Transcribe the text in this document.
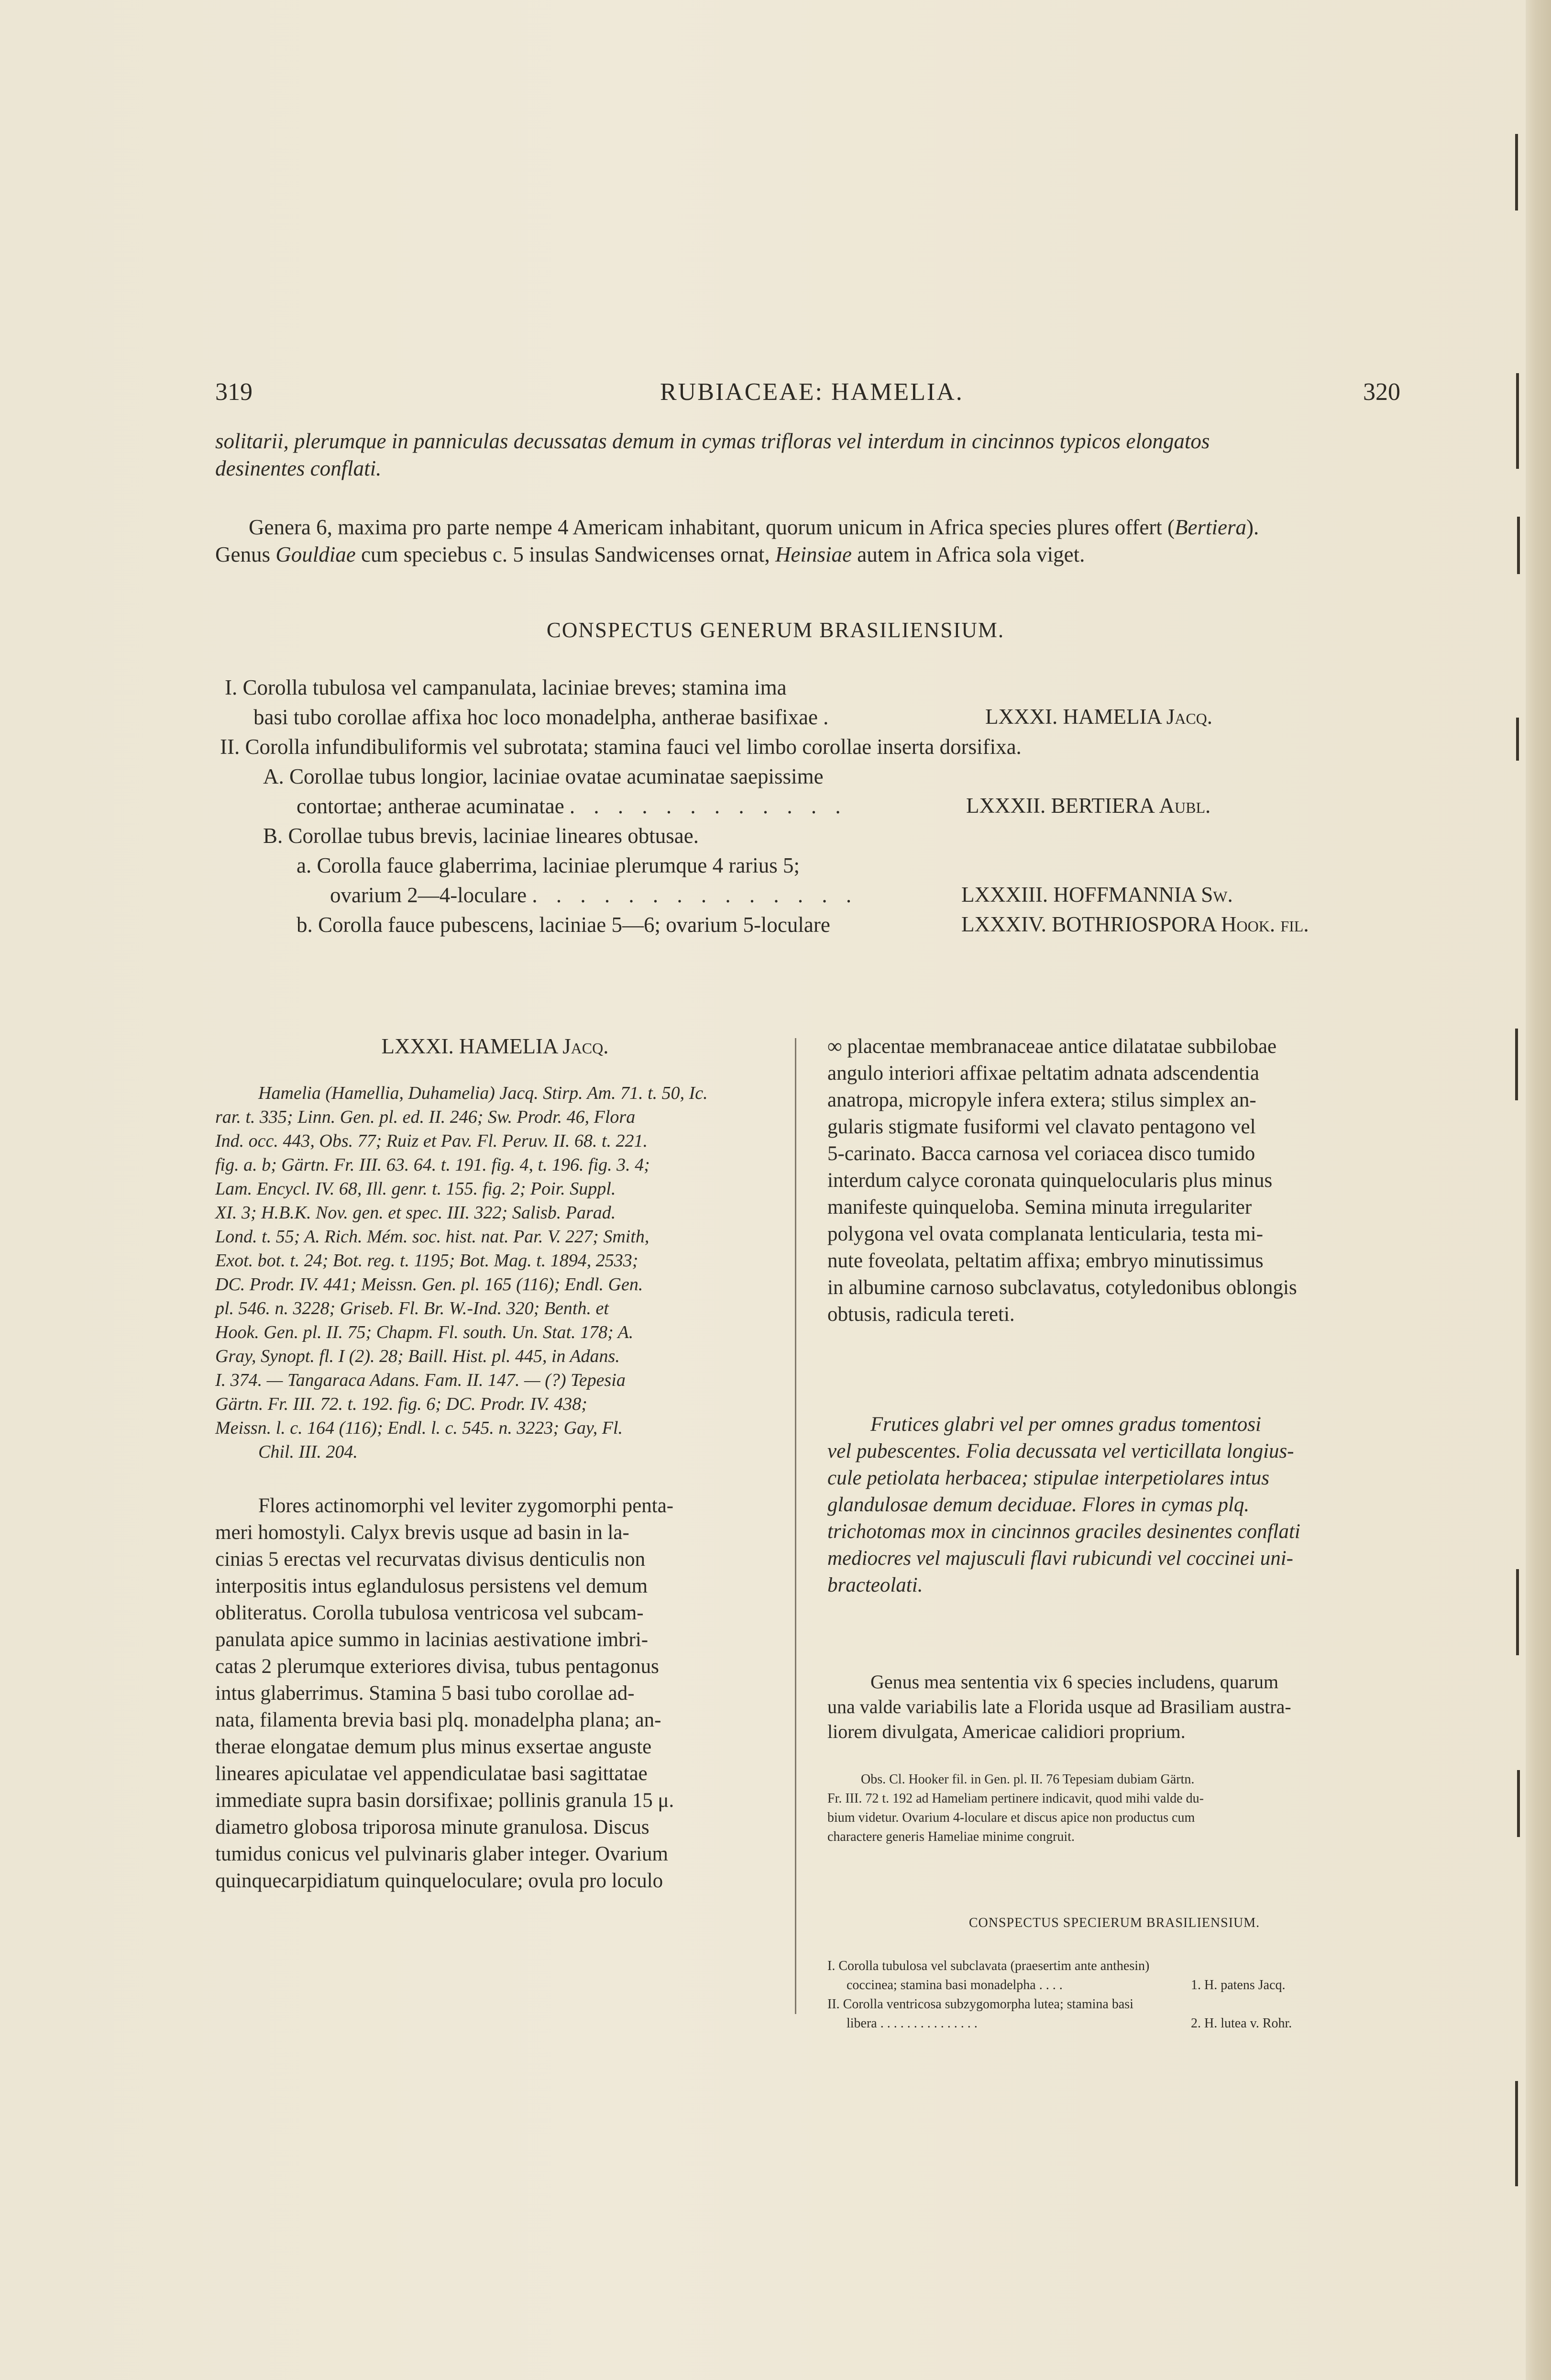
319	RUBIACEAE: HAMELIA.	320
solitarii, plerumque in panniculas decussatas demum in cymas trifloras vel interdum in cincinnos typicos elongatos
desinentes conflati.
Genera 6, maxima pro parte nempe 4 Americam inhabitant, quorum unicum in Africa species plures offert (Bertiera).
Genus Gouldiae cum speciebus c. 5 insulas Sandwicenses ornat, Heinsiae autem in Africa sola viget.
CONSPECTUS GENERUM BRASILIENSIUM.
I. Corolla tubulosa vel campanulata, laciniae breves; stamina ima
basi tubo corollae affixa hoc loco monadelpha, antherae basifixae .	LXXXI. HAMELIA Jacq.
II. Corolla infundibuliformis vel subrotata; stamina fauci vel limbo corollae inserta dorsifixa.
A. Corollae tubus longior, laciniae ovatae acuminatae saepissime
contortae; antherae acuminatae . . . . . . . . . . . .	LXXXII. BERTIERA Aubl.
B. Corollae tubus brevis, laciniae lineares obtusae.
a. Corolla fauce glaberrima, laciniae plerumque 4 rarius 5;
ovarium 2—4-loculare . . . . . . . . . . . . . .	LXXXIII. HOFFMANNIA Sw.
b. Corolla fauce pubescens, laciniae 5—6; ovarium 5-loculare	LXXXIV. BOTHRIOSPORA Hook. fil.
LXXXI. HAMELIA Jacq.
Hamelia (Hamellia, Duhamelia) Jacq. Stirp. Am. 71. t. 50, Ic.
rar. t. 335; Linn. Gen. pl. ed. II. 246; Sw. Prodr. 46, Flora
Ind. occ. 443, Obs. 77; Ruiz et Pav. Fl. Peruv. II. 68. t. 221.
fig. a. b; Gärtn. Fr. III. 63. 64. t. 191. fig. 4, t. 196. fig. 3. 4;
Lam. Encycl. IV. 68, Ill. genr. t. 155. fig. 2; Poir. Suppl.
XI. 3; H.B.K. Nov. gen. et spec. III. 322; Salisb. Parad.
Lond. t. 55; A. Rich. Mém. soc. hist. nat. Par. V. 227; Smith,
Exot. bot. t. 24; Bot. reg. t. 1195; Bot. Mag. t. 1894, 2533;
DC. Prodr. IV. 441; Meissn. Gen. pl. 165 (116); Endl. Gen.
pl. 546. n. 3228; Griseb. Fl. Br. W.-Ind. 320; Benth. et
Hook. Gen. pl. II. 75; Chapm. Fl. south. Un. Stat. 178; A.
Gray, Synopt. fl. I (2). 28; Baill. Hist. pl. 445, in Adans.
I. 374. — Tangaraca Adans. Fam. II. 147. — (?) Tepesia
Gärtn. Fr. III. 72. t. 192. fig. 6; DC. Prodr. IV. 438;
Meissn. l. c. 164 (116); Endl. l. c. 545. n. 3223; Gay, Fl.
Chil. III. 204.
Flores actinomorphi vel leviter zygomorphi penta-
meri homostyli. Calyx brevis usque ad basin in la-
cinias 5 erectas vel recurvatas divisus denticulis non
interpositis intus eglandulosus persistens vel demum
obliteratus. Corolla tubulosa ventricosa vel subcam-
panulata apice summo in lacinias aestivatione imbri-
catas 2 plerumque exteriores divisa, tubus pentagonus
intus glaberrimus. Stamina 5 basi tubo corollae ad-
nata, filamenta brevia basi plq. monadelpha plana; an-
therae elongatae demum plus minus exsertae anguste
lineares apiculatae vel appendiculatae basi sagittatae
immediate supra basin dorsifixae; pollinis granula 15 μ.
diametro globosa triporosa minute granulosa. Discus
tumidus conicus vel pulvinaris glaber integer. Ovarium
quinquecarpidiatum quinqueloculare; ovula pro loculo
∞ placentae membranaceae antice dilatatae subbilobae
angulo interiori affixae peltatim adnata adscendentia
anatropa, micropyle infera extera; stilus simplex an-
gularis stigmate fusiformi vel clavato pentagono vel
5-carinato. Bacca carnosa vel coriacea disco tumido
interdum calyce coronata quinquelocularis plus minus
manifeste quinqueloba. Semina minuta irregulariter
polygona vel ovata complanata lenticularia, testa mi-
nute foveolata, peltatim affixa; embryo minutissimus
in albumine carnoso subclavatus, cotyledonibus oblongis
obtusis, radicula tereti.
Frutices glabri vel per omnes gradus tomentosi
vel pubescentes. Folia decussata vel verticillata longius-
cule petiolata herbacea; stipulae interpetiolares intus
glandulosae demum deciduae. Flores in cymas plq.
trichotomas mox in cincinnos graciles desinentes conflati
mediocres vel majusculi flavi rubicundi vel coccinei uni-
bracteolati.
Genus mea sententia vix 6 species includens, quarum
una valde variabilis late a Florida usque ad Brasiliam austra-
liorem divulgata, Americae calidiori proprium.
Obs. Cl. Hooker fil. in Gen. pl. II. 76 Tepesiam dubiam Gärtn.
Fr. III. 72 t. 192 ad Hameliam pertinere indicavit, quod mihi valde du-
bium videtur. Ovarium 4-loculare et discus apice non productus cum
charactere generis Hameliae minime congruit.
CONSPECTUS SPECIERUM BRASILIENSIUM.
I. Corolla tubulosa vel subclavata (praesertim ante anthesin)
coccinea; stamina basi monadelpha . . . .	1. H. patens Jacq.
II. Corolla ventricosa subzygomorpha lutea; stamina basi
libera . . . . . . . . . . . . . . .	2. H. lutea v. Rohr.
